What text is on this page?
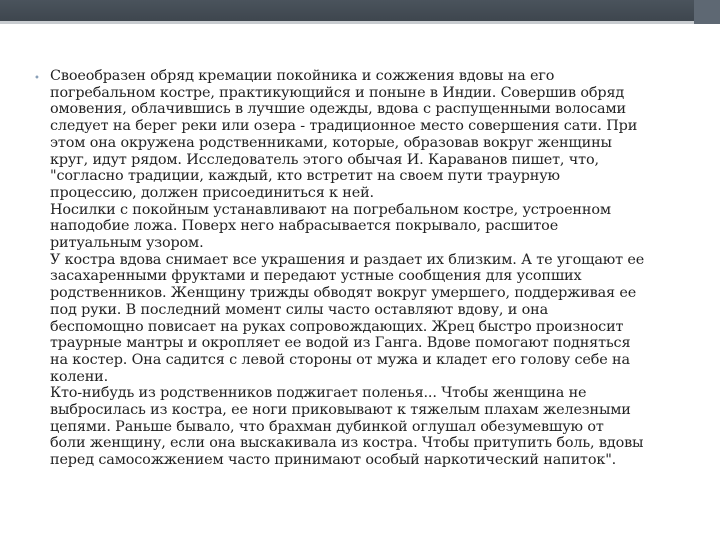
• Своеобразен обряд кремации покойника и сожжения вдовы на его
погребальном костре, практикующийся и поныне в Индии. Совершив обряд
омовения, облачившись в лучшие одежды, вдова с распущенными волосами
следует на берег реки или озера - традиционное место совершения сати. При
этом она окружена родственниками, которые, образовав вокруг женщины
круг, идут рядом. Исследователь этого обычая И. Караванов пишет, что,
"согласно традиции, каждый, кто встретит на своем пути траурную
процессию, должен присоединиться к ней.
Носилки с покойным устанавливают на погребальном костре, устроенном
наподобие ложа. Поверх него набрасывается покрывало, расшитое
ритуальным узором.
У костра вдова снимает все украшения и раздает их близким. А те угощают ее
засахаренными фруктами и передают устные сообщения для усопших
родственников. Женщину трижды обводят вокруг умершего, поддерживая ее
под руки. В последний момент силы часто оставляют вдову, и она
беспомощно повисает на руках сопровождающих. Жрец быстро произносит
траурные мантры и окропляет ее водой из Ганга. Вдове помогают подняться
на костер. Она садится с левой стороны от мужа и кладет его голову себе на
колени.
Кто-нибудь из родственников поджигает поленья... Чтобы женщина не
выбросилась из костра, ее ноги приковывают к тяжелым плахам железными
цепями. Раньше бывало, что брахман дубинкой оглушал обезумевшую от
боли женщину, если она выскакивала из костра. Чтобы притупить боль, вдовы
перед самосожжением часто принимают особый наркотический напиток".
